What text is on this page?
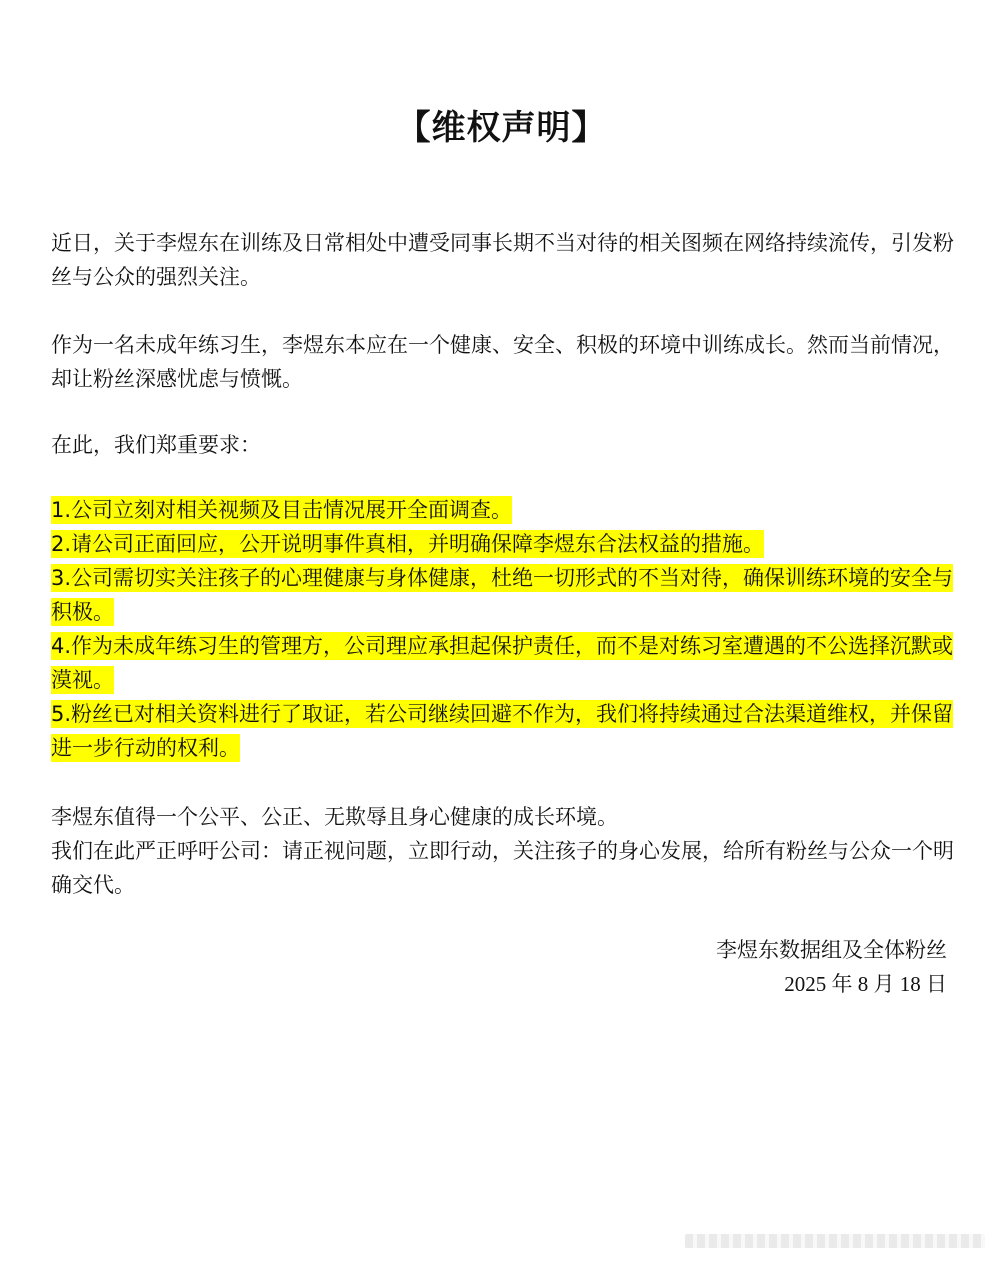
【维权声明】

近日，关于李煜东在训练及日常相处中遭受同事长期不当对待的相关图频在网络持续流传，引发粉丝与公众的强烈关注。

作为一名未成年练习生，李煜东本应在一个健康、安全、积极的环境中训练成长。然而当前情况，却让粉丝深感忧虑与愤慨。

在此，我们郑重要求：

1.公司立刻对相关视频及目击情况展开全面调查。
2.请公司正面回应，公开说明事件真相，并明确保障李煜东合法权益的措施。
3.公司需切实关注孩子的心理健康与身体健康，杜绝一切形式的不当对待，确保训练环境的安全与积极。
4.作为未成年练习生的管理方，公司理应承担起保护责任，而不是对练习室遭遇的不公选择沉默或漠视。
5.粉丝已对相关资料进行了取证，若公司继续回避不作为，我们将持续通过合法渠道维权，并保留进一步行动的权利。

李煜东值得一个公平、公正、无欺辱且身心健康的成长环境。

我们在此严正呼吁公司：请正视问题，立即行动，关注孩子的身心发展，给所有粉丝与公众一个明确交代。

李煜东数据组及全体粉丝
2025 年 8 月 18 日
